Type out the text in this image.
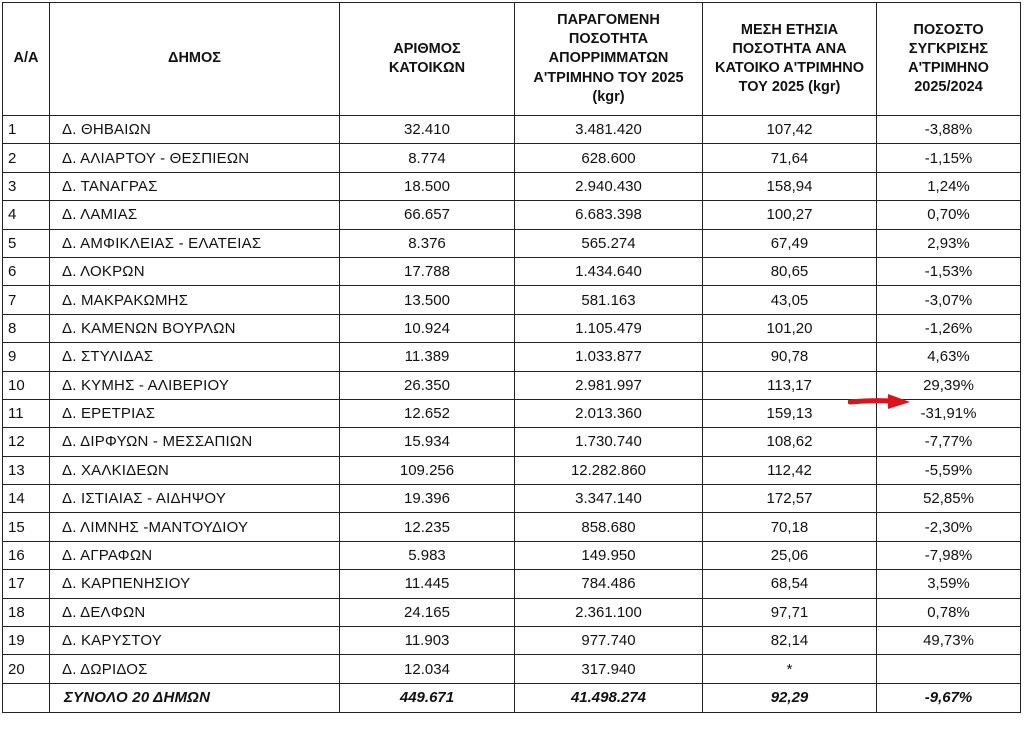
Α/Α	ΔΗΜΟΣ	ΑΡΙΘΜΟΣ ΚΑΤΟΙΚΩΝ	ΠΑΡΑΓΟΜΕΝΗ ΠΟΣΟΤΗΤΑ ΑΠΟΡΡΙΜΜΑΤΩΝ Α'ΤΡΙΜΗΝΟ ΤΟΥ 2025 (kgr)	ΜΕΣΗ ΕΤΗΣΙΑ ΠΟΣΟΤΗΤΑ ΑΝΑ ΚΑΤΟΙΚΟ Α'ΤΡΙΜΗΝΟ ΤΟΥ 2025 (kgr)	ΠΟΣΟΣΤΟ ΣΥΓΚΡΙΣΗΣ Α'ΤΡΙΜΗΝΟ 2025/2024
1	Δ. ΘΗΒΑΙΩΝ	32.410	3.481.420	107,42	-3,88%
2	Δ. ΑΛΙΑΡΤΟΥ - ΘΕΣΠΙΕΩΝ	8.774	628.600	71,64	-1,15%
3	Δ. ΤΑΝΑΓΡΑΣ	18.500	2.940.430	158,94	1,24%
4	Δ. ΛΑΜΙΑΣ	66.657	6.683.398	100,27	0,70%
5	Δ. ΑΜΦΙΚΛΕΙΑΣ - ΕΛΑΤΕΙΑΣ	8.376	565.274	67,49	2,93%
6	Δ. ΛΟΚΡΩΝ	17.788	1.434.640	80,65	-1,53%
7	Δ. ΜΑΚΡΑΚΩΜΗΣ	13.500	581.163	43,05	-3,07%
8	Δ. ΚΑΜΕΝΩΝ ΒΟΥΡΛΩΝ	10.924	1.105.479	101,20	-1,26%
9	Δ. ΣΤΥΛΙΔΑΣ	11.389	1.033.877	90,78	4,63%
10	Δ. ΚΥΜΗΣ - ΑΛΙΒΕΡΙΟΥ	26.350	2.981.997	113,17	29,39%
11	Δ. ΕΡΕΤΡΙΑΣ	12.652	2.013.360	159,13	-31,91%
12	Δ. ΔΙΡΦΥΩΝ - ΜΕΣΣΑΠΙΩΝ	15.934	1.730.740	108,62	-7,77%
13	Δ. ΧΑΛΚΙΔΕΩΝ	109.256	12.282.860	112,42	-5,59%
14	Δ. ΙΣΤΙΑΙΑΣ - ΑΙΔΗΨΟΥ	19.396	3.347.140	172,57	52,85%
15	Δ. ΛΙΜΝΗΣ -ΜΑΝΤΟΥΔΙΟΥ	12.235	858.680	70,18	-2,30%
16	Δ. ΑΓΡΑΦΩΝ	5.983	149.950	25,06	-7,98%
17	Δ. ΚΑΡΠΕΝΗΣΙΟΥ	11.445	784.486	68,54	3,59%
18	Δ. ΔΕΛΦΩΝ	24.165	2.361.100	97,71	0,78%
19	Δ. ΚΑΡΥΣΤΟΥ	11.903	977.740	82,14	49,73%
20	Δ. ΔΩΡΙΔΟΣ	12.034	317.940	*	
	ΣΥΝΟΛΟ 20 ΔΗΜΩΝ	449.671	41.498.274	92,29	-9,67%
